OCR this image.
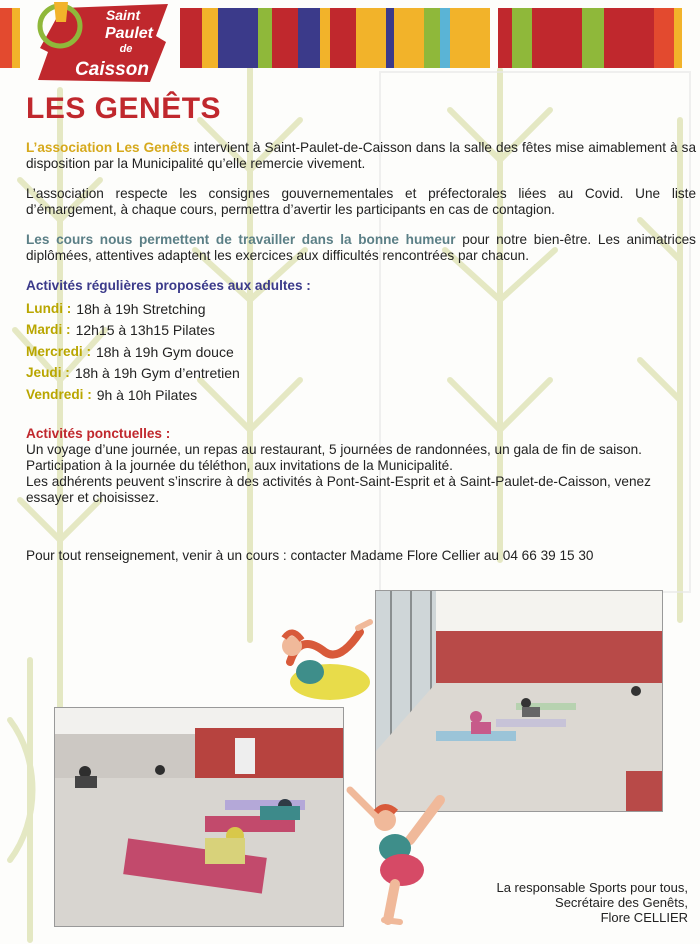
Saint
Paulet
de
Caisson
LES GENÊTS

L’association Les Genêts intervient à Saint-Paulet-de-Caisson dans la salle des fêtes mise aimablement à sa disposition par la Municipalité qu’elle remercie vivement.

L’association respecte les consignes gouvernementales et préfectorales liées au Covid. Une liste d’émargement, à chaque cours, permettra d’avertir les participants en cas de contagion.

Les cours nous permettent de travailler dans la bonne humeur pour notre bien-être. Les animatrices diplômées, attentives adaptent les exercices aux difficultés rencontrées par chacun.

Activités régulières proposées aux adultes :
Lundi : 18h à 19h Stretching
Mardi : 12h15 à 13h15 Pilates
Mercredi : 18h à 19h Gym douce
Jeudi : 18h à 19h Gym d’entretien
Vendredi : 9h à 10h Pilates
Activités ponctuelles :

Un voyage d’une journée, un repas au restaurant, 5 journées de randonnées, un gala de fin de saison. Participation à la journée du téléthon, aux invitations de la Municipalité.

Les adhérents peuvent s’inscrire à des activités à Pont-Saint-Esprit et à Saint-Paulet-de-Caisson, venez essayer et choisissez.

Pour tout renseignement, venir à un cours : contacter Madame Flore Cellier au 04 66 39 15 30
La responsable Sports pour tous,
Secrétaire des Genêts,
Flore CELLIER
